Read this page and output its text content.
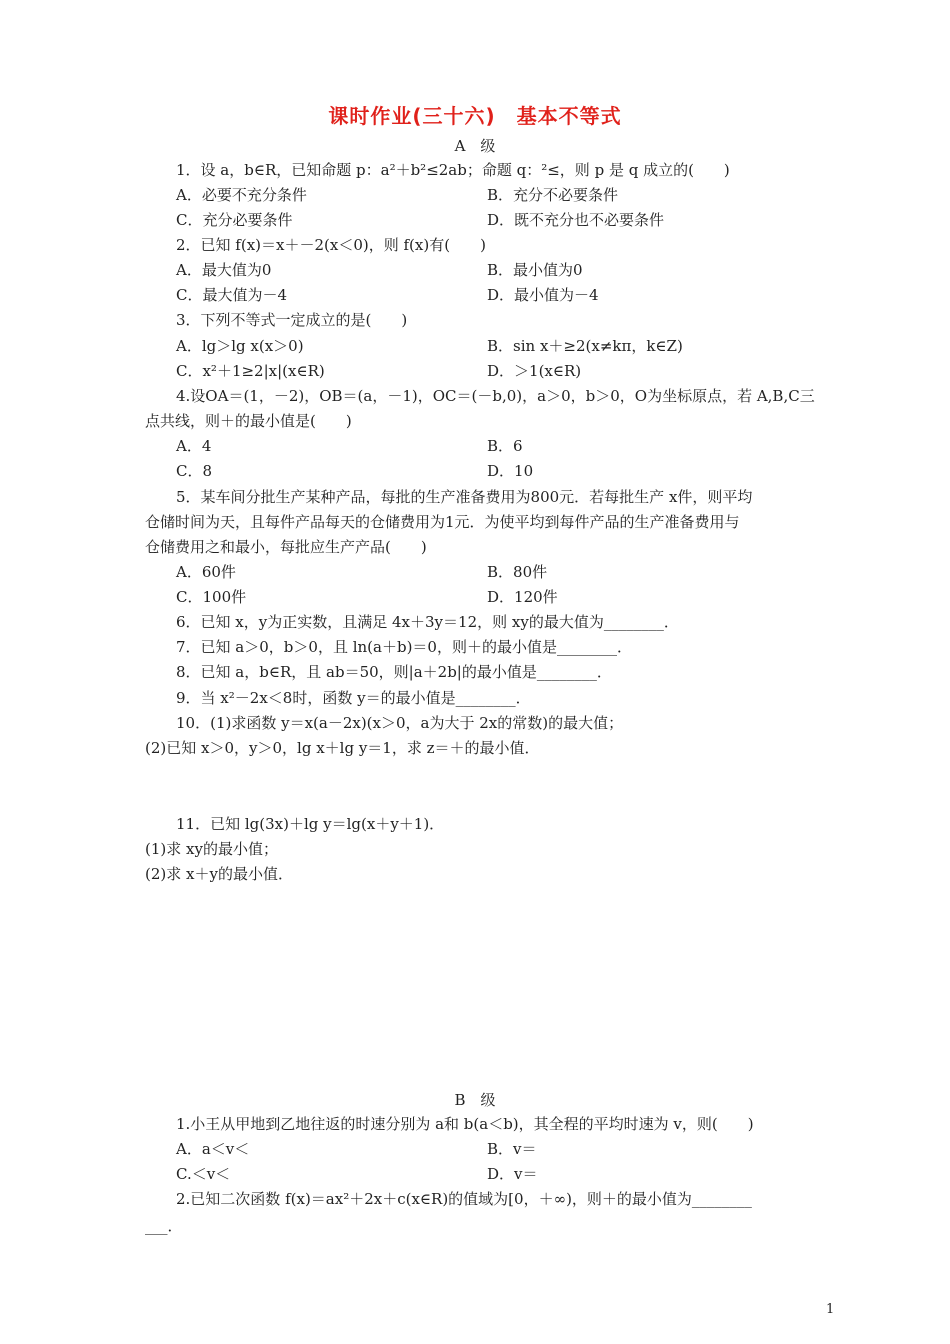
课时作业(三十六)　基本不等式
A　级
1．设 a，b∈R，已知命题 p：a²＋b²≤2ab；命题 q：²≤，则 p 是 q 成立的(　　)
A．必要不充分条件	B．充分不必要条件
C．充分必要条件	D．既不充分也不必要条件
2．已知 f(x)＝x＋－2(x＜0)，则 f(x)有(　　)
A．最大值为0	B．最小值为0
C．最大值为－4	D．最小值为－4
3．下列不等式一定成立的是(　　)
A．lg＞lg x(x＞0)	B．sin x＋≥2(x≠kπ，k∈Z)
C．x²＋1≥2|x|(x∈R)	D．＞1(x∈R)
4.设OA＝(1，－2)，OB＝(a，－1)，OC＝(－b,0)，a＞0，b＞0，O为坐标原点，若 A,B,C三
点共线，则＋的最小值是(　　)
A．4	B．6
C．8	D．10
5．某车间分批生产某种产品，每批的生产准备费用为800元．若每批生产 x件，则平均
仓储时间为天，且每件产品每天的仓储费用为1元．为使平均到每件产品的生产准备费用与
仓储费用之和最小，每批应生产产品(　　)
A．60件	B．80件
C．100件	D．120件
6．已知 x，y为正实数，且满足 4x＋3y＝12，则 xy的最大值为________．
7．已知 a＞0，b＞0，且 ln(a＋b)＝0，则＋的最小值是________．
8．已知 a，b∈R，且 ab＝50，则|a＋2b|的最小值是________．
9．当 x²－2x＜8时，函数 y＝的最小值是________．
10．(1)求函数 y＝x(a－2x)(x＞0，a为大于 2x的常数)的最大值；
(2)已知 x＞0，y＞0，lg x＋lg y＝1，求 z＝＋的最小值．
11．已知 lg(3x)＋lg y＝lg(x＋y＋1)．
(1)求 xy的最小值；
(2)求 x＋y的最小值．
B　级
1.小王从甲地到乙地往返的时速分别为 a和 b(a＜b)，其全程的平均时速为 v，则(　　)
A．a＜v＜	B．v＝
C.＜v＜	D．v＝
2.已知二次函数 f(x)＝ax²＋2x＋c(x∈R)的值域为[0，＋∞)，则＋的最小值为________
___．
1
